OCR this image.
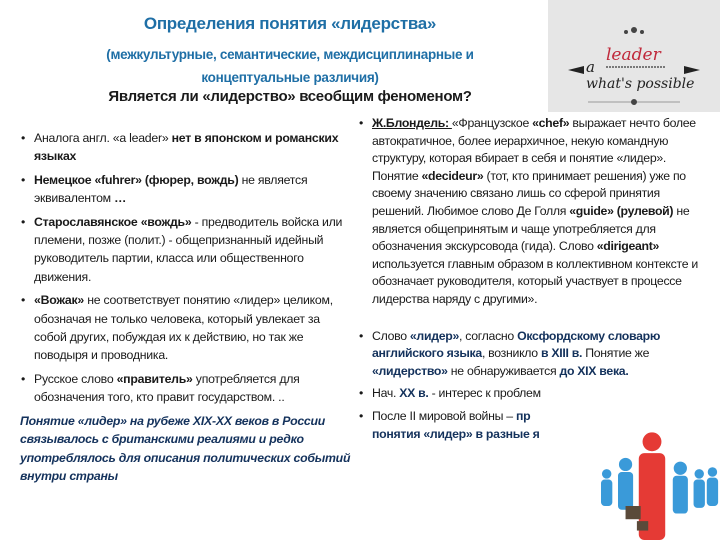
Определения понятия «лидерства»
(межкультурные, семантические, междисциплинарные и
концептуальные различия)
Является ли «лидерство» всеобщим феноменом?
a
leader
what's possible
• Аналога англ. «a leader» нет в японском и романских языках
• Немецкое «fuhrer» (фюрер, вождь) не является эквивалентом …
• Старославянское «вождь» - предводитель войска или племени, позже (полит.) - общепризнанный идейный руководитель партии, класса или общественного движения.
• «Вожак» не соответствует понятию «лидер» целиком, обозначая не только человека, который увлекает за собой других, побуждая их к действию, но так же поводыря и проводника.
• Русское слово «правитель» употребляется для обозначения того, кто правит государством. ..
Понятие «лидер» на рубеже XIX-XX веков в России связывалось с британскими реалиями и редко употреблялось для описания политических событий внутри страны
• Ж.Блондель: «Французское «chef» выражает нечто более автократичное, более иерархичное, некую командную структуру, которая вбирает в себя и понятие «лидер». Понятие «decideur» (тот, кто принимает решения) уже по своему значению связано лишь со сферой принятия решений. Любимое слово Де Голля «guide» (рулевой) не является общепринятым и чаще употребляется для обозначения экскурсовода (гида). Слово «dirigeant» используется главным образом в коллективном контексте и обозначает руководителя, который участвует в процессе лидерства наряду с другими».
• Слово «лидер», согласно Оксфордскому словарю английского языка, возникло в XIII в. Понятие же «лидерство» не обнаруживается до XIX века.
• Нач. XX в. - интерес к проблем
• После II мировой войны – пр
понятия «лидер» в разные я
